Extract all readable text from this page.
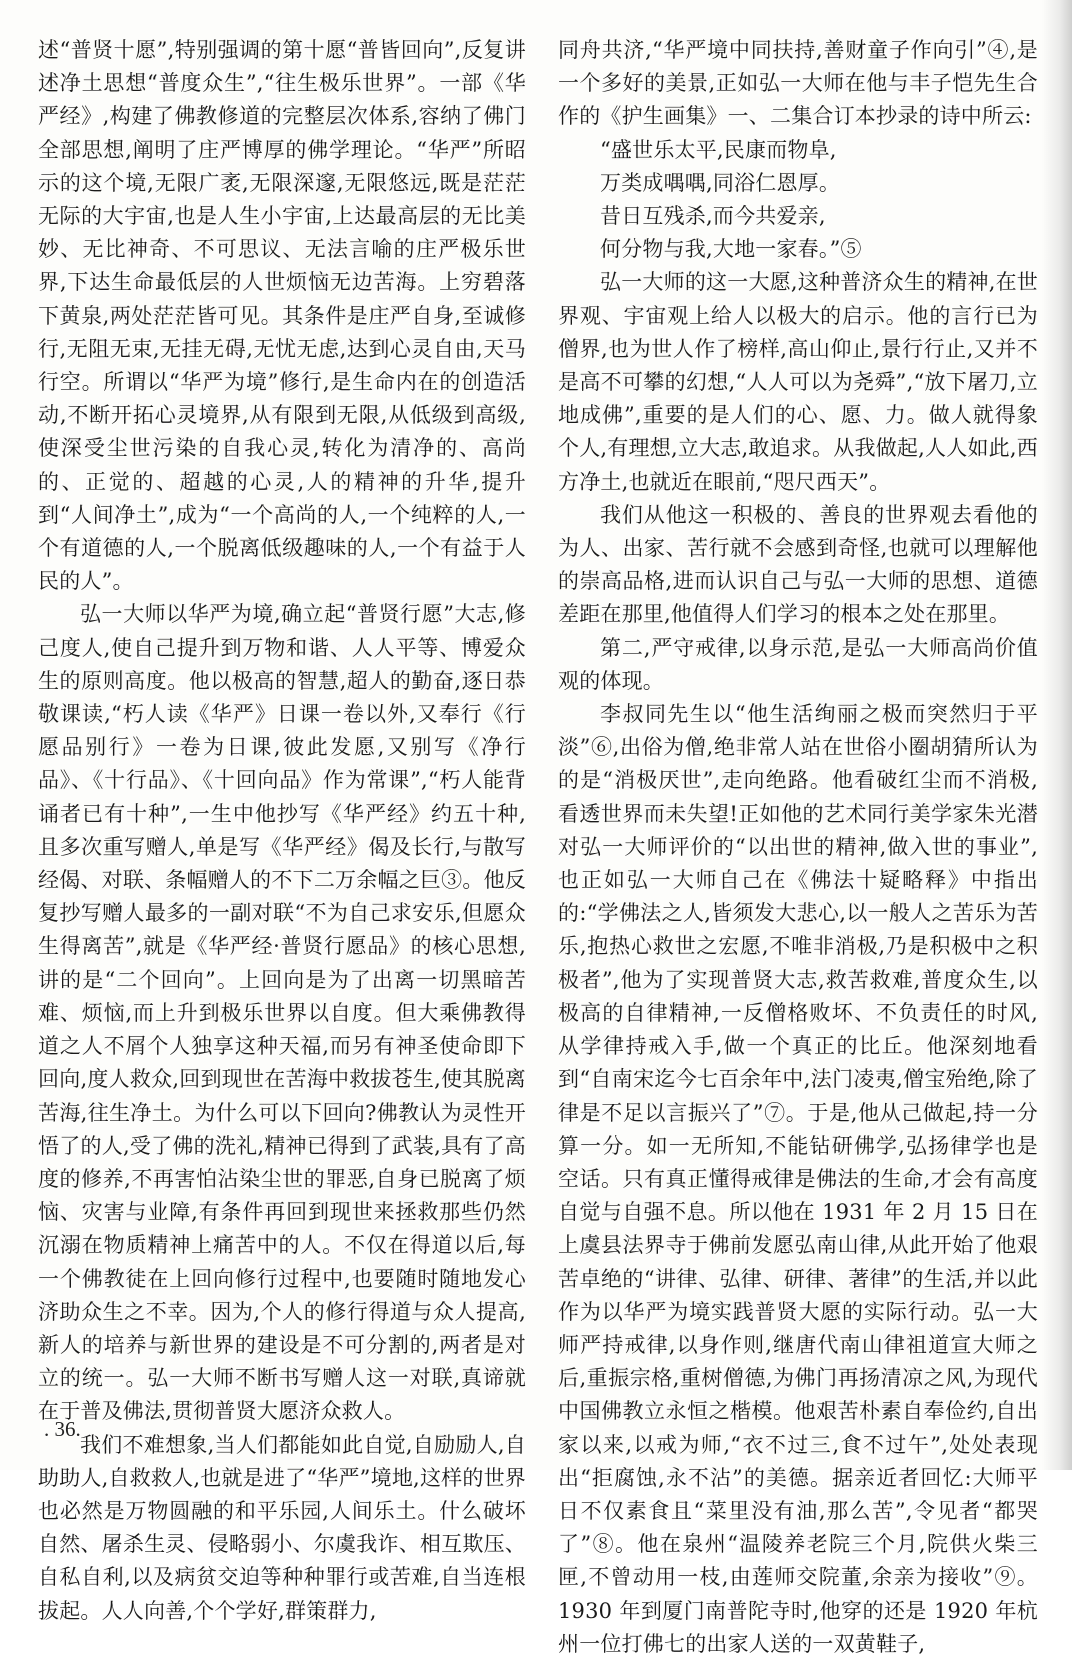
述“普贤十愿”,特别强调的第十愿“普皆回向”,反复讲述净土思想“普度众生”,“往生极乐世界”。一部《华严经》,构建了佛教修道的完整层次体系,容纳了佛门全部思想,阐明了庄严博厚的佛学理论。“华严”所昭示的这个境,无限广袤,无限深邃,无限悠远,既是茫茫无际的大宇宙,也是人生小宇宙,上达最高层的无比美妙、无比神奇、不可思议、无法言喻的庄严极乐世界,下达生命最低层的人世烦恼无边苦海。上穷碧落下黄泉,两处茫茫皆可见。其条件是庄严自身,至诚修行,无阻无束,无挂无碍,无忧无虑,达到心灵自由,天马行空。所谓以“华严为境”修行,是生命内在的创造活动,不断开拓心灵境界,从有限到无限,从低级到高级,使深受尘世污染的自我心灵,转化为清净的、高尚的、正觉的、超越的心灵,人的精神的升华,提升到“人间净土”,成为“一个高尚的人,一个纯粹的人,一个有道德的人,一个脱离低级趣味的人,一个有益于人民的人”。

弘一大师以华严为境,确立起“普贤行愿”大志,修己度人,使自己提升到万物和谐、人人平等、博爱众生的原则高度。他以极高的智慧,超人的勤奋,逐日恭敬课读,“朽人读《华严》日课一卷以外,又奉行《行愿品别行》一卷为日课,彼此发愿,又别写《净行品》、《十行品》、《十回向品》作为常课”,“朽人能背诵者已有十种”,一生中他抄写《华严经》约五十种,且多次重写赠人,单是写《华严经》偈及长行,与散写经偈、对联、条幅赠人的不下二万余幅之巨③。他反复抄写赠人最多的一副对联“不为自己求安乐,但愿众生得离苦”,就是《华严经·普贤行愿品》的核心思想,讲的是“二个回向”。上回向是为了出离一切黑暗苦难、烦恼,而上升到极乐世界以自度。但大乘佛教得道之人不屑个人独享这种天福,而另有神圣使命即下回向,度人救众,回到现世在苦海中救拔苍生,使其脱离苦海,往生净土。为什么可以下回向?佛教认为灵性开悟了的人,受了佛的洗礼,精神已得到了武装,具有了高度的修养,不再害怕沾染尘世的罪恶,自身已脱离了烦恼、灾害与业障,有条件再回到现世来拯救那些仍然沉溺在物质精神上痛苦中的人。不仅在得道以后,每一个佛教徒在上回向修行过程中,也要随时随地发心济助众生之不幸。因为,个人的修行得道与众人提高,新人的培养与新世界的建设是不可分割的,两者是对立的统一。弘一大师不断书写赠人这一对联,真谛就在于普及佛法,贯彻普贤大愿济众救人。

我们不难想象,当人们都能如此自觉,自励励人,自助助人,自救救人,也就是进了“华严”境地,这样的世界也必然是万物圆融的和平乐园,人间乐土。什么破坏自然、屠杀生灵、侵略弱小、尔虞我诈、相互欺压、自私自利,以及病贫交迫等种种罪行或苦难,自当连根拔起。人人向善,个个学好,群策群力,

同舟共济,“华严境中同扶持,善财童子作向引”④,是一个多好的美景,正如弘一大师在他与丰子恺先生合作的《护生画集》一、二集合订本抄录的诗中所云:

“盛世乐太平,民康而物阜,

万类成喁喁,同浴仁恩厚。

昔日互残杀,而今共爱亲,

何分物与我,大地一家春。”⑤

弘一大师的这一大愿,这种普济众生的精神,在世界观、宇宙观上给人以极大的启示。他的言行已为僧界,也为世人作了榜样,高山仰止,景行行止,又并不是高不可攀的幻想,“人人可以为尧舜”,“放下屠刀,立地成佛”,重要的是人们的心、愿、力。做人就得象个人,有理想,立大志,敢追求。从我做起,人人如此,西方净土,也就近在眼前,“咫尺西天”。

我们从他这一积极的、善良的世界观去看他的为人、出家、苦行就不会感到奇怪,也就可以理解他的崇高品格,进而认识自己与弘一大师的思想、道德差距在那里,他值得人们学习的根本之处在那里。

第二,严守戒律,以身示范,是弘一大师高尚价值观的体现。

李叔同先生以“他生活绚丽之极而突然归于平淡”⑥,出俗为僧,绝非常人站在世俗小圈胡猜所认为的是“消极厌世”,走向绝路。他看破红尘而不消极,看透世界而未失望!正如他的艺术同行美学家朱光潜对弘一大师评价的“以出世的精神,做入世的事业”,也正如弘一大师自己在《佛法十疑略释》中指出的:“学佛法之人,皆须发大悲心,以一般人之苦乐为苦乐,抱热心救世之宏愿,不唯非消极,乃是积极中之积极者”,他为了实现普贤大志,救苦救难,普度众生,以极高的自律精神,一反僧格败坏、不负责任的时风,从学律持戒入手,做一个真正的比丘。他深刻地看到“自南宋迄今七百余年中,法门凌夷,僧宝殆绝,除了律是不足以言振兴了”⑦。于是,他从己做起,持一分算一分。如一无所知,不能钻研佛学,弘扬律学也是空话。只有真正懂得戒律是佛法的生命,才会有高度自觉与自强不息。所以他在 1931 年 2 月 15 日在上虞县法界寺于佛前发愿弘南山律,从此开始了他艰苦卓绝的“讲律、弘律、研律、著律”的生活,并以此作为以华严为境实践普贤大愿的实际行动。弘一大师严持戒律,以身作则,继唐代南山律祖道宣大师之后,重振宗格,重树僧德,为佛门再扬清凉之风,为现代中国佛教立永恒之楷模。他艰苦朴素自奉俭约,自出家以来,以戒为师,“衣不过三,食不过午”,处处表现出“拒腐蚀,永不沾”的美德。据亲近者回忆:大师平日不仅素食且“菜里没有油,那么苦”,令见者“都哭了”⑧。他在泉州“温陵养老院三个月,院供火柴三匣,不曾动用一枝,由莲师交院董,余亲为接收”⑨。1930 年到厦门南普陀寺时,他穿的还是 1920 年杭州一位打佛七的出家人送的一双黄鞋子,

. 36.
